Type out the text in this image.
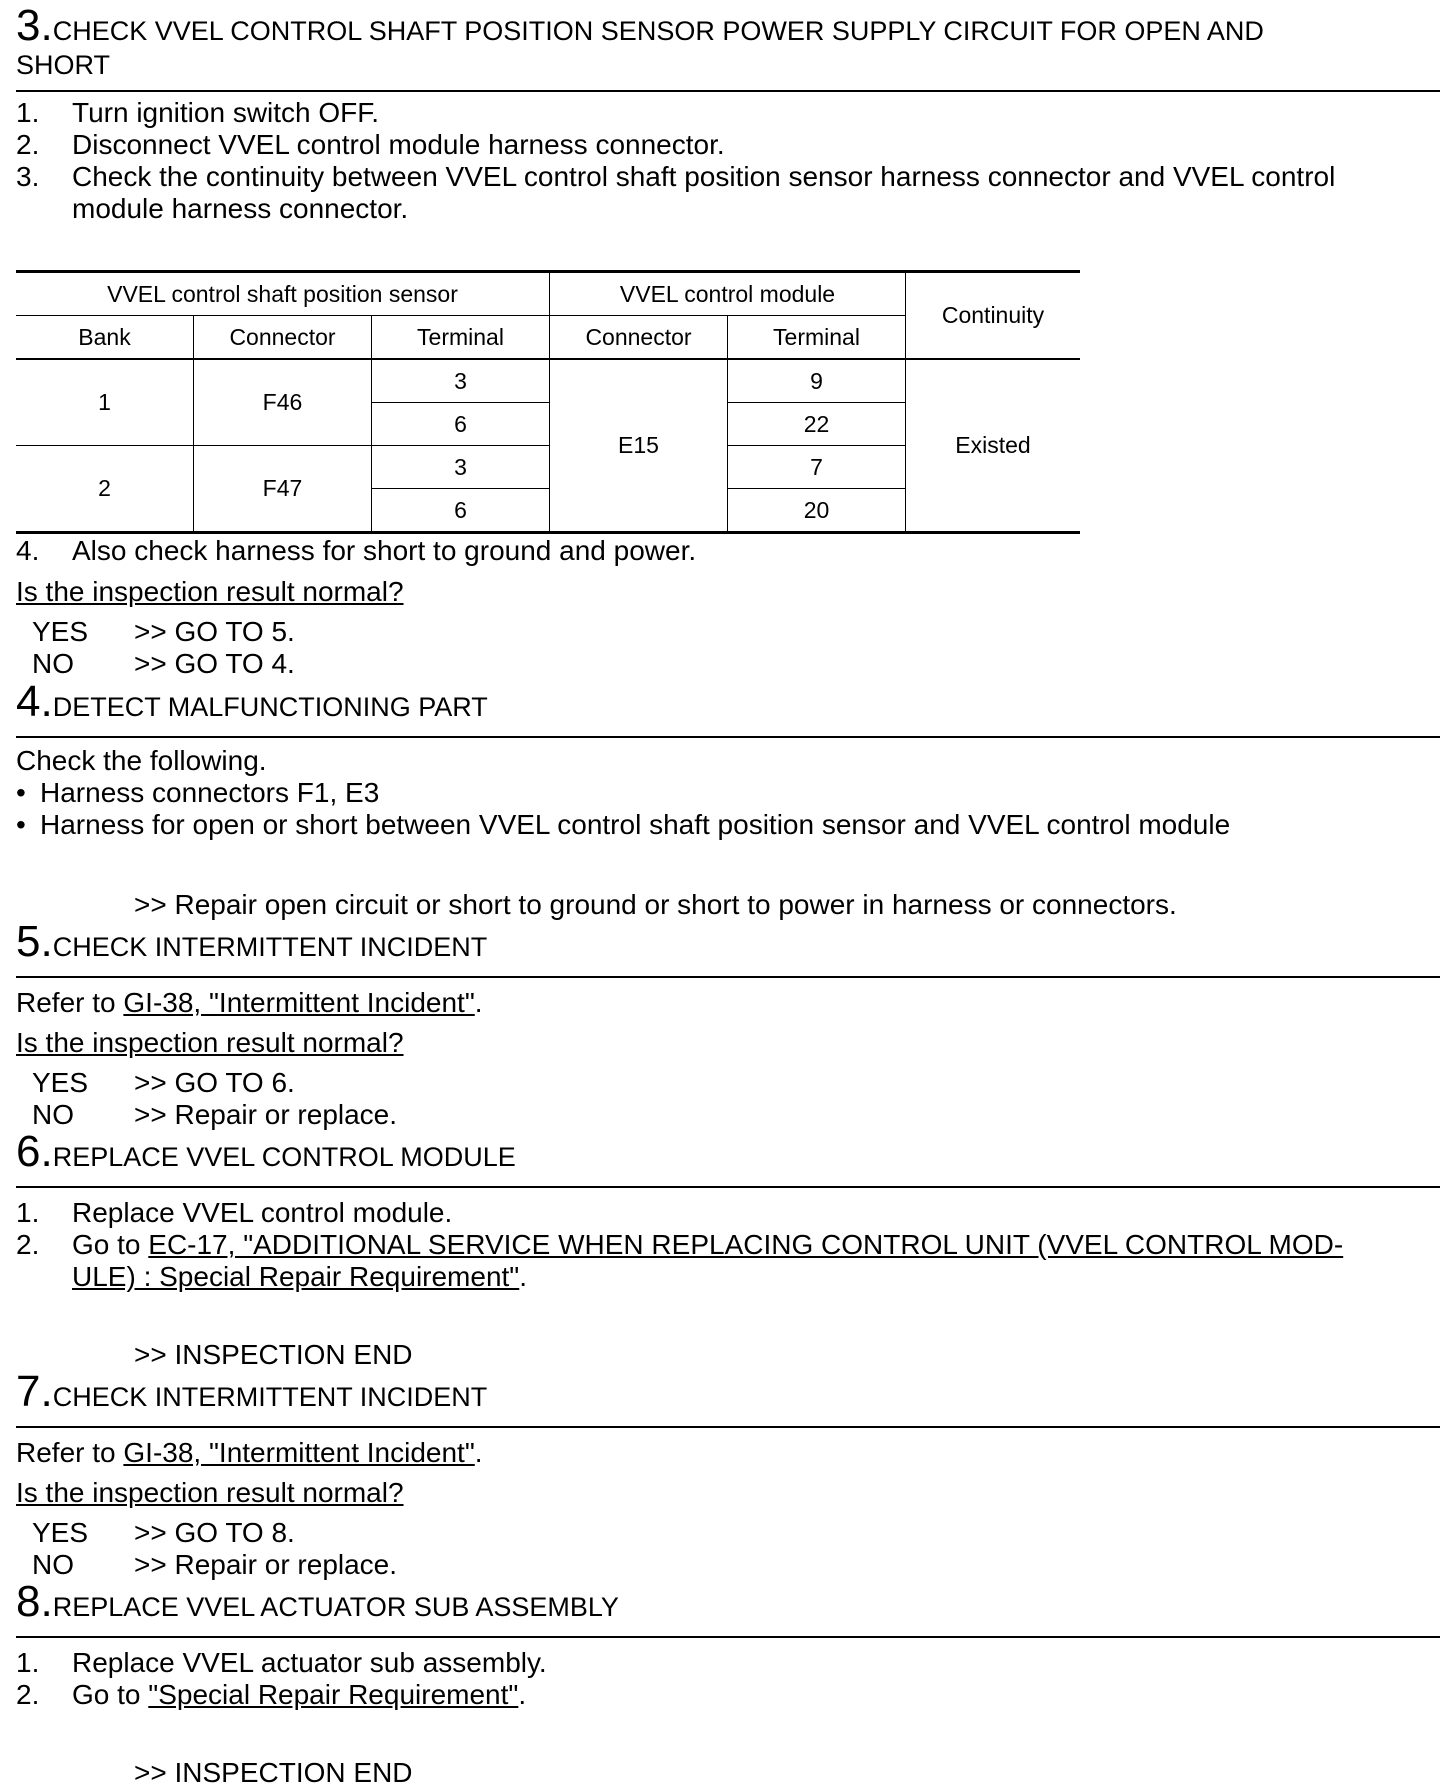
3. CHECK VVEL CONTROL SHAFT POSITION SENSOR POWER SUPPLY CIRCUIT FOR OPEN AND
SHORT
1. Turn ignition switch OFF.
2. Disconnect VVEL control module harness connector.
3. Check the continuity between VVEL control shaft position sensor harness connector and VVEL control
module harness connector.
VVEL control shaft position sensor			VVEL control module		Continuity
Bank	Connector	Terminal	Connector	Terminal	
1	F46	3	E15	9	Existed
		6		22	
2	F47	3		7	
		6		20	
4. Also check harness for short to ground and power.
Is the inspection result normal?
YES >> GO TO 5.
NO >> GO TO 4.
4. DETECT MALFUNCTIONING PART
Check the following.
• Harness connectors F1, E3
• Harness for open or short between VVEL control shaft position sensor and VVEL control module
>> Repair open circuit or short to ground or short to power in harness or connectors.
5. CHECK INTERMITTENT INCIDENT
Refer to GI-38, "Intermittent Incident".
Is the inspection result normal?
YES >> GO TO 6.
NO >> Repair or replace.
6. REPLACE VVEL CONTROL MODULE
1. Replace VVEL control module.
2. Go to EC-17, "ADDITIONAL SERVICE WHEN REPLACING CONTROL UNIT (VVEL CONTROL MOD-
ULE) : Special Repair Requirement".
>> INSPECTION END
7. CHECK INTERMITTENT INCIDENT
Refer to GI-38, "Intermittent Incident".
Is the inspection result normal?
YES >> GO TO 8.
NO >> Repair or replace.
8. REPLACE VVEL ACTUATOR SUB ASSEMBLY
1. Replace VVEL actuator sub assembly.
2. Go to "Special Repair Requirement".
>> INSPECTION END
